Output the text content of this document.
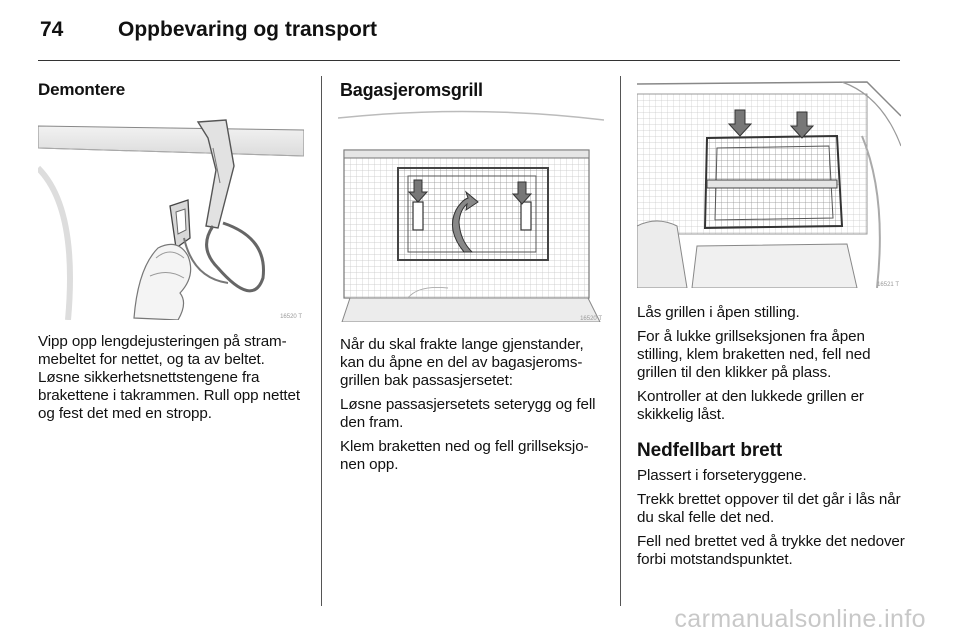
74	Oppbevaring og transport
Demontere
16520 T

Vipp opp lengdejusteringen på strammebeltet for nettet, og ta av beltet. Løsne sikkerhetsnettstengene fra brakettene i takrammen. Rull opp nettet og fest det med en stropp.

Bagasjeromsgrill
16520 T

Når du skal frakte lange gjenstander, kan du åpne en del av bagasjeromsgrillen bak passasjersetet:

Løsne passasjersetets seterygg og fell den fram.

Klem braketten ned og fell grillseksjonen opp.

16521 T

Lås grillen i åpen stilling.

For å lukke grillseksjonen fra åpen stilling, klem braketten ned, fell ned grillen til den klikker på plass.

Kontroller at den lukkede grillen er skikkelig låst.

Nedfellbart brett

Plassert i forseteryggene.

Trekk brettet oppover til det går i lås når du skal felle det ned.

Fell ned brettet ved å trykke det nedover forbi motstandspunktet.

carmanualsonline.info
